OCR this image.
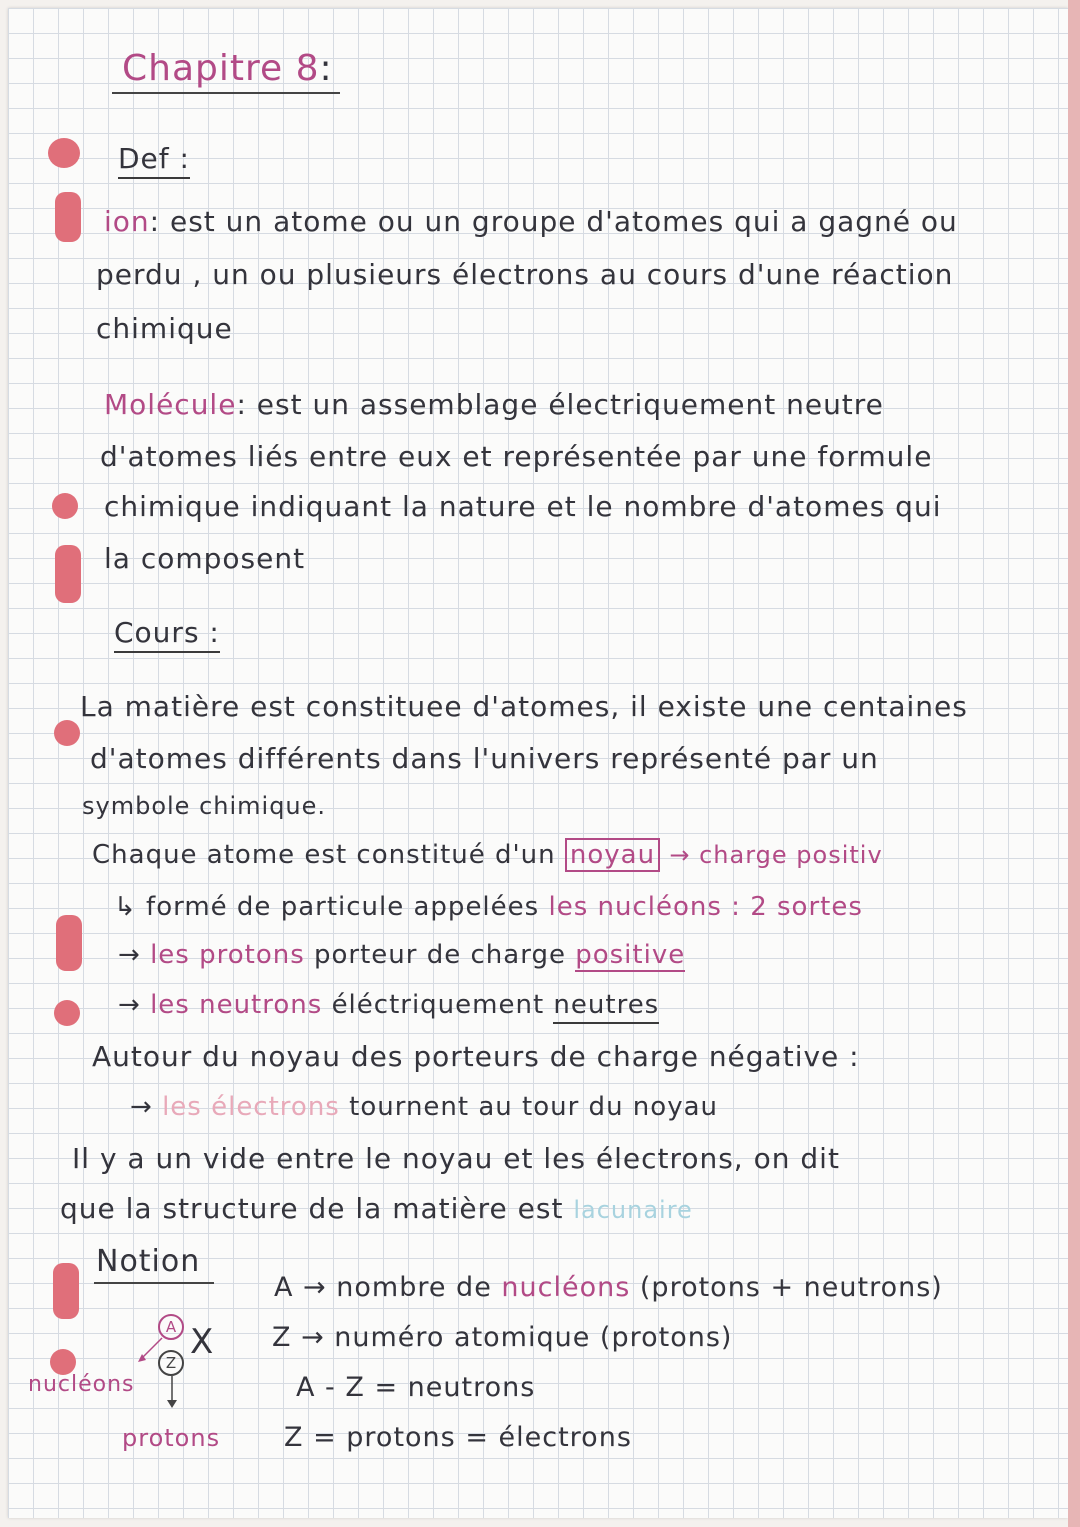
Chapitre 8:

Def :

ion: est un atome ou un groupe d'atomes qui a gagné ou

perdu , un ou plusieurs électrons au cours d'une réaction

chimique

Molécule: est un assemblage électriquement neutre

d'atomes liés entre eux et représentée par une formule

chimique indiquant la nature et le nombre d'atomes qui

la composent

Cours :

La matière est constituee d'atomes, il existe une centaines

d'atomes différents dans l'univers représenté par un

symbole chimique.

Chaque atome est constitué d'un noyau → charge positiv

↳ formé de particule appelées les nucléons : 2 sortes

→ les protons porteur de charge positive

→ les neutrons éléctriquement neutres

Autour du noyau des porteurs de charge négative :

→ les électrons tournent au tour du noyau

Il y a un vide entre le noyau et les électrons, on dit

que la structure de la matière est lacunaire

Notion

A
Z

X

nucléons

protons

A → nombre de nucléons (protons + neutrons)

Z → numéro atomique (protons)

A - Z = neutrons

Z = protons = électrons
